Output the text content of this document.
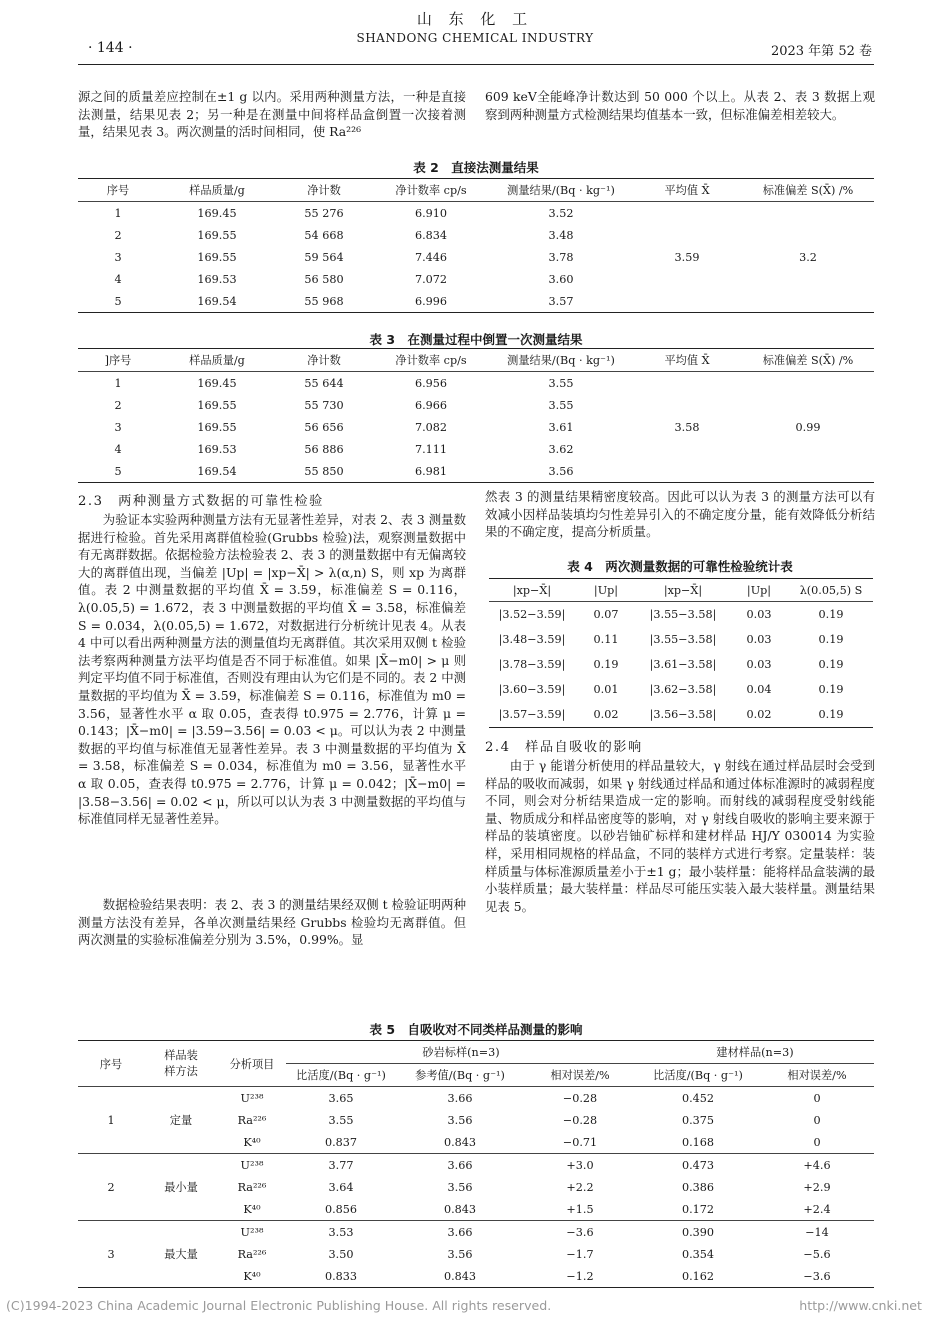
· 144 ·
山 东 化 工
SHANDONG CHEMICAL INDUSTRY
2023 年第 52 卷
源之间的质量差应控制在±1 g 以内。采用两种测量方法，一种是直接法测量，结果见表 2；另一种是在测量中间将样品盒倒置一次接着测量，结果见表 3。两次测量的活时间相同，使 Ra²²⁶
609 keV全能峰净计数达到 50 000 个以上。从表 2、表 3 数据上观察到两种测量方式检测结果均值基本一致，但标准偏差相差较大。
表 2　直接法测量结果
序号	样品质量/g	净计数	净计数率 cp/s	测量结果/(Bq · kg⁻¹)	平均值 X̄	标准偏差 S(X̄) /%
1	169.45	55 276	6.910	3.52	3.59	3.2
2	169.55	54 668	6.834	3.48		
3	169.55	59 564	7.446	3.78		
4	169.53	56 580	7.072	3.60		
5	169.54	55 968	6.996	3.57		
表 3　在测量过程中倒置一次测量结果
]序号	样品质量/g	净计数	净计数率 cp/s	测量结果/(Bq · kg⁻¹)	平均值 X̄	标准偏差 S(X̄) /%
1	169.45	55 644	6.956	3.55	3.58	0.99
2	169.55	55 730	6.966	3.55		
3	169.55	56 656	7.082	3.61		
4	169.53	56 886	7.111	3.62		
5	169.54	55 850	6.981	3.56		
2.3　两种测量方式数据的可靠性检验
为验证本实验两种测量方法有无显著性差异，对表 2、表 3 测量数据进行检验。首先采用离群值检验(Grubbs 检验)法，观察测量数据中有无离群数据。依据检验方法检验表 2、表 3 的测量数据中有无偏离较大的离群值出现，当偏差 |Up| = |xp−X̄| > λ(α,n) S，则 xp 为离群值。表 2 中测量数据的平均值 X̄ = 3.59，标准偏差 S = 0.116，λ(0.05,5) = 1.672，表 3 中测量数据的平均值 X̄ = 3.58，标准偏差 S = 0.034，λ(0.05,5) = 1.672，对数据进行分析统计见表 4。从表 4 中可以看出两种测量方法的测量值均无离群值。其次采用双侧 t 检验法考察两种测量方法平均值是否不同于标准值。如果 |X̄−m0| > μ 则判定平均值不同于标准值，否则没有理由认为它们是不同的。表 2 中测量数据的平均值为 X̄ = 3.59，标准偏差 S = 0.116，标准值为 m0 = 3.56，显著性水平 α 取 0.05，查表得 t0.975 = 2.776，计算 μ = 0.143；|X̄−m0| = |3.59−3.56| = 0.03 < μ。可以认为表 2 中测量数据的平均值与标准值无显著性差异。表 3 中测量数据的平均值为 X̄ = 3.58，标准偏差 S = 0.034，标准值为 m0 = 3.56，显著性水平 α 取 0.05，查表得 t0.975 = 2.776，计算 μ = 0.042；|X̄−m0| = |3.58−3.56| = 0.02 < μ，所以可以认为表 3 中测量数据的平均值与标准值同样无显著性差异。
数据检验结果表明：表 2、表 3 的测量结果经双侧 t 检验证明两种测量方法没有差异，各单次测量结果经 Grubbs 检验均无离群值。但两次测量的实验标准偏差分别为 3.5%，0.99%。显
然表 3 的测量结果精密度较高。因此可以认为表 3 的测量方法可以有效减小因样品装填均匀性差异引入的不确定度分量，能有效降低分析结果的不确定度，提高分析质量。
表 4　两次测量数据的可靠性检验统计表
|xp−X̄|	|Up|	|xp−X̄|	|Up|	λ(0.05,5) S
|3.52−3.59|	0.07	|3.55−3.58|	0.03	0.19
|3.48−3.59|	0.11	|3.55−3.58|	0.03	0.19
|3.78−3.59|	0.19	|3.61−3.58|	0.03	0.19
|3.60−3.59|	0.01	|3.62−3.58|	0.04	0.19
|3.57−3.59|	0.02	|3.56−3.58|	0.02	0.19
2.4　样品自吸收的影响
由于 γ 能谱分析使用的样品量较大，γ 射线在通过样品层时会受到样品的吸收而减弱，如果 γ 射线通过样品和通过体标准源时的减弱程度不同，则会对分析结果造成一定的影响。而射线的减弱程度受射线能量、物质成分和样品密度等的影响，对 γ 射线自吸收的影响主要来源于样品的装填密度。以砂岩铀矿标样和建材样品 HJ/Y 030014 为实验样，采用相同规格的样品盒，不同的装样方式进行考察。定量装样：装样质量与体标准源质量差小于±1 g；最小装样量：能将样品盒装满的最小装样质量；最大装样量：样品尽可能压实装入最大装样量。测量结果见表 5。
表 5　自吸收对不同类样品测量的影响
序号	样品装样方法	分析项目	砂岩标样(n=3)			建材样品(n=3)	
			比活度/(Bq · g⁻¹)	参考值/(Bq · g⁻¹)	相对误差/%	比活度/(Bq · g⁻¹)	相对误差/%
1	定量	U²³⁸	3.65	3.66	−0.28	0.452	0
		Ra²²⁶	3.55	3.56	−0.28	0.375	0
		K⁴⁰	0.837	0.843	−0.71	0.168	0
2	最小量	U²³⁸	3.77	3.66	+3.0	0.473	+4.6
		Ra²²⁶	3.64	3.56	+2.2	0.386	+2.9
		K⁴⁰	0.856	0.843	+1.5	0.172	+2.4
3	最大量	U²³⁸	3.53	3.66	−3.6	0.390	−14
		Ra²²⁶	3.50	3.56	−1.7	0.354	−5.6
		K⁴⁰	0.833	0.843	−1.2	0.162	−3.6
(C)1994-2023 China Academic Journal Electronic Publishing House. All rights reserved.	http://www.cnki.net
